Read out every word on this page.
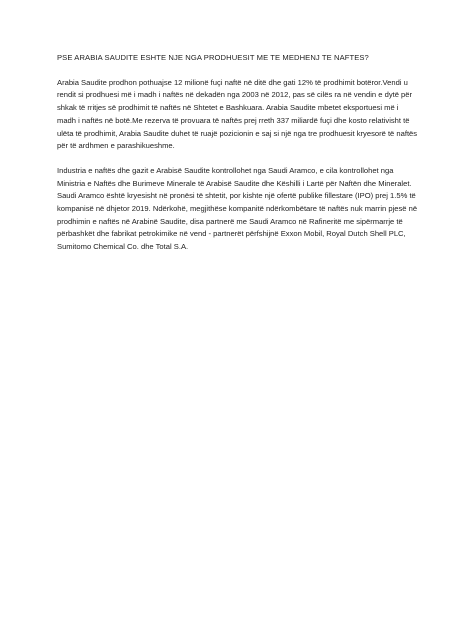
PSE ARABIA SAUDITE ESHTE NJE NGA PRODHUESIT ME TE MEDHENJ TE NAFTES?

Arabia Saudite prodhon pothuajse 12 milionë fuçi naftë në ditë dhe gati 12% të prodhimit botëror.Vendi u rendit si prodhuesi më i madh i naftës në dekadën nga 2003 në 2012, pas së cilës ra në vendin e dytë për shkak të rritjes së prodhimit të naftës në Shtetet e Bashkuara. Arabia Saudite mbetet eksportuesi më i madh i naftës në botë.Me rezerva të provuara të naftës prej rreth 337 miliardë fuçi dhe kosto relativisht të ulëta të prodhimit, Arabia Saudite duhet të ruajë pozicionin e saj si një nga tre prodhuesit kryesorë të naftës për të ardhmen e parashikueshme.

Industria e naftës dhe gazit e Arabisë Saudite kontrollohet nga Saudi Aramco, e cila kontrollohet nga Ministria e Naftës dhe Burimeve Minerale të Arabisë Saudite dhe Këshilli i Lartë për Naftën dhe Mineralet. Saudi Aramco është kryesisht në pronësi të shtetit, por kishte një ofertë publike fillestare (IPO) prej 1.5% të kompanisë në dhjetor 2019. Ndërkohë, megjithëse kompanitë ndërkombëtare të naftës nuk marrin pjesë në prodhimin e naftës në Arabinë Saudite, disa partnerë me Saudi Aramco në Rafineritë me sipërmarrje të përbashkët dhe fabrikat petrokimike në vend - partnerët përfshijnë Exxon Mobil, Royal Dutch Shell PLC, Sumitomo Chemical Co. dhe Total S.A.
